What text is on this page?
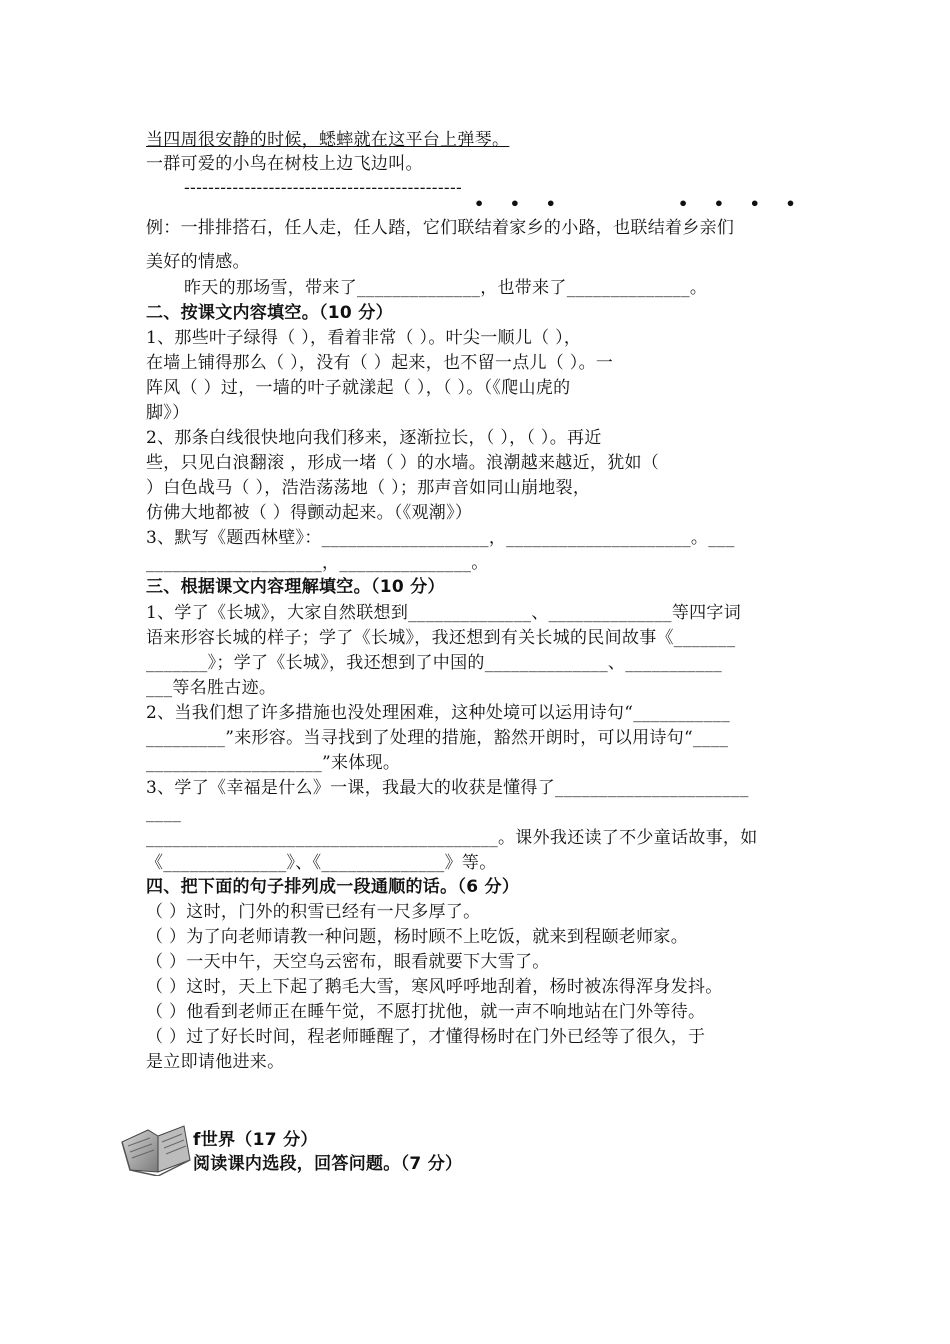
当四周很安静的时候，蟋蟀就在这平台上弹琴。
一群可爱的小鸟在树枝上边飞边叫。
----------------------------------------------
• • •	• • • •
例：一排排搭石，任人走，任人踏，它们联结着家乡的小路，也联结着乡亲们
美好的情感。
昨天的那场雪，带来了______________，也带来了______________。
二、按课文内容填空。（10 分）
1、那些叶子绿得（ ），看着非常（ ）。叶尖一顺儿（ ），
在墙上铺得那么（ ），没有（ ）起来，也不留一点儿（ ）。一
阵风（ ）过，一墙的叶子就漾起（ ），（ ）。（《爬山虎的
脚》）
2、那条白线很快地向我们移来，逐渐拉长，（ ），（ ）。再近
些，只见白浪翻滚 ，形成一堵（ ）的水墙。浪潮越来越近，犹如（
）白色战马（ ），浩浩荡荡地（ ）；那声音如同山崩地裂，
仿佛大地都被（ ）得颤动起来。（《观潮》）
3、默写《题西林壁》：___________________，_____________________。___
____________________，_______________。
三、根据课文内容理解填空。（10 分）
1、学了《长城》，大家自然联想到______________、______________等四字词
语来形容长城的样子；学了《长城》，我还想到有关长城的民间故事《_______
_______》；学了《长城》，我还想到了中国的______________、___________
___等名胜古迹。
2、当我们想了许多措施也没处理困难，这种处境可以运用诗句“___________
_________”来形容。当寻找到了处理的措施，豁然开朗时，可以用诗句“____
____________________”来体现。
3、学了《幸福是什么》一课，我最大的收获是懂得了______________________
____
________________________________________。课外我还读了不少童话故事，如
《______________》、《______________》等。
四、把下面的句子排列成一段通顺的话。（6 分）
（ ）这时，门外的积雪已经有一尺多厚了。
（ ）为了向老师请教一种问题，杨时顾不上吃饭，就来到程颐老师家。
（ ）一天中午，天空乌云密布，眼看就要下大雪了。
（ ）这时，天上下起了鹅毛大雪，寒风呼呼地刮着，杨时被冻得浑身发抖。
（ ）他看到老师正在睡午觉，不愿打扰他，就一声不响地站在门外等待。
（ ）过了好长时间，程老师睡醒了，才懂得杨时在门外已经等了很久，于
是立即请他进来。
f世界（17 分）
阅读课内选段，回答问题。（7 分）
